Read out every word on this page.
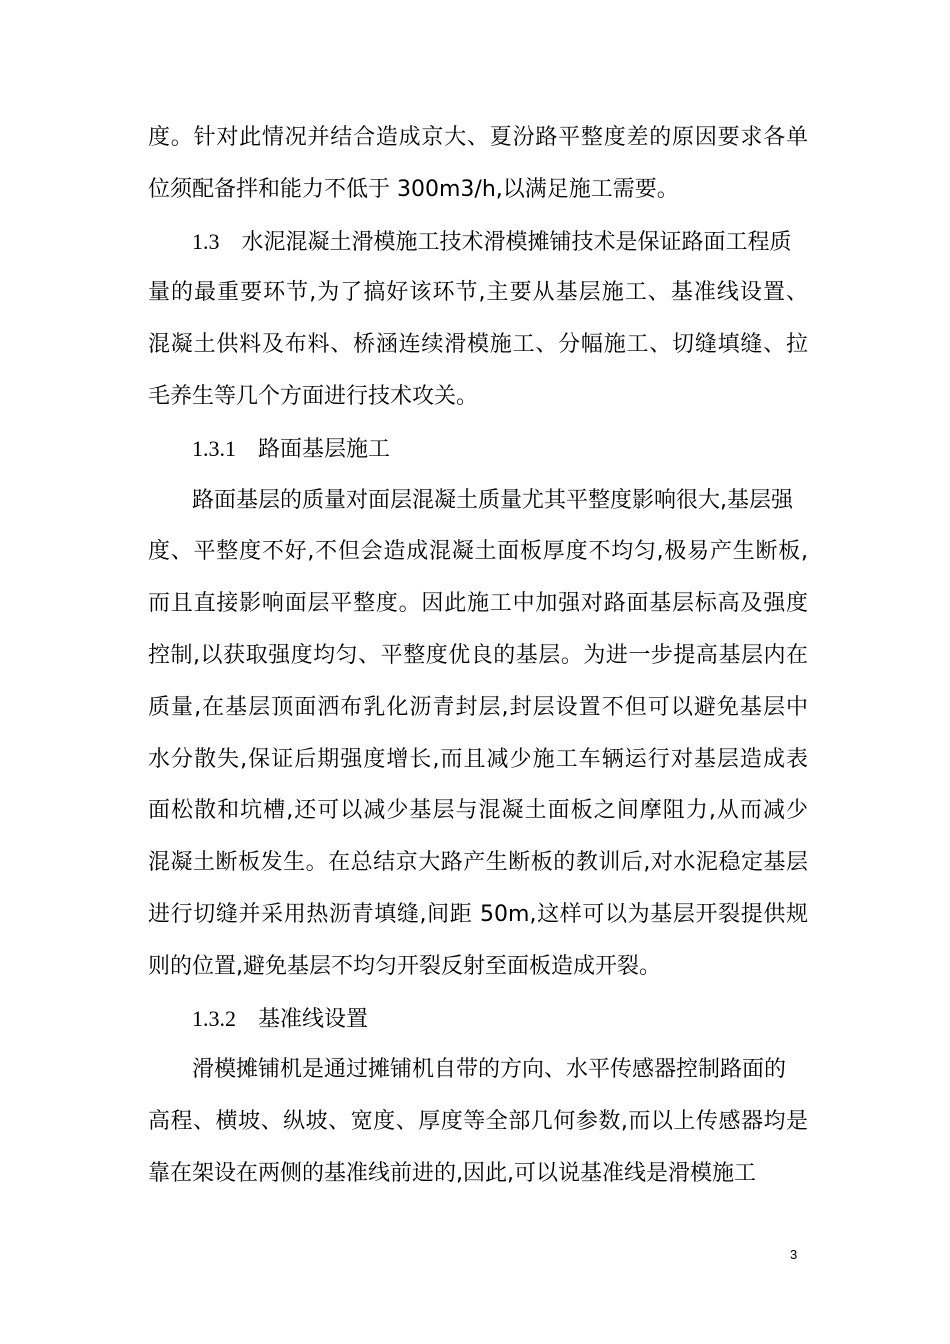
度。针对此情况并结合造成京大、夏汾路平整度差的原因要求各单
位须配备拌和能力不低于 300m3/h,以满足施工需要。
1.3 水泥混凝土滑模施工技术滑模摊铺技术是保证路面工程质
量的最重要环节,为了搞好该环节,主要从基层施工、基准线设置、
混凝土供料及布料、桥涵连续滑模施工、分幅施工、切缝填缝、拉
毛养生等几个方面进行技术攻关。
1.3.1 路面基层施工
路面基层的质量对面层混凝土质量尤其平整度影响很大,基层强
度、平整度不好,不但会造成混凝土面板厚度不均匀,极易产生断板,
而且直接影响面层平整度。因此施工中加强对路面基层标高及强度
控制,以获取强度均匀、平整度优良的基层。为进一步提高基层内在
质量,在基层顶面洒布乳化沥青封层,封层设置不但可以避免基层中
水分散失,保证后期强度增长,而且减少施工车辆运行对基层造成表
面松散和坑槽,还可以减少基层与混凝土面板之间摩阻力,从而减少
混凝土断板发生。在总结京大路产生断板的教训后,对水泥稳定基层
进行切缝并采用热沥青填缝,间距 50m,这样可以为基层开裂提供规
则的位置,避免基层不均匀开裂反射至面板造成开裂。
1.3.2 基准线设置
滑模摊铺机是通过摊铺机自带的方向、水平传感器控制路面的
高程、横坡、纵坡、宽度、厚度等全部几何参数,而以上传感器均是
靠在架设在两侧的基准线前进的,因此,可以说基准线是滑模施工
3
